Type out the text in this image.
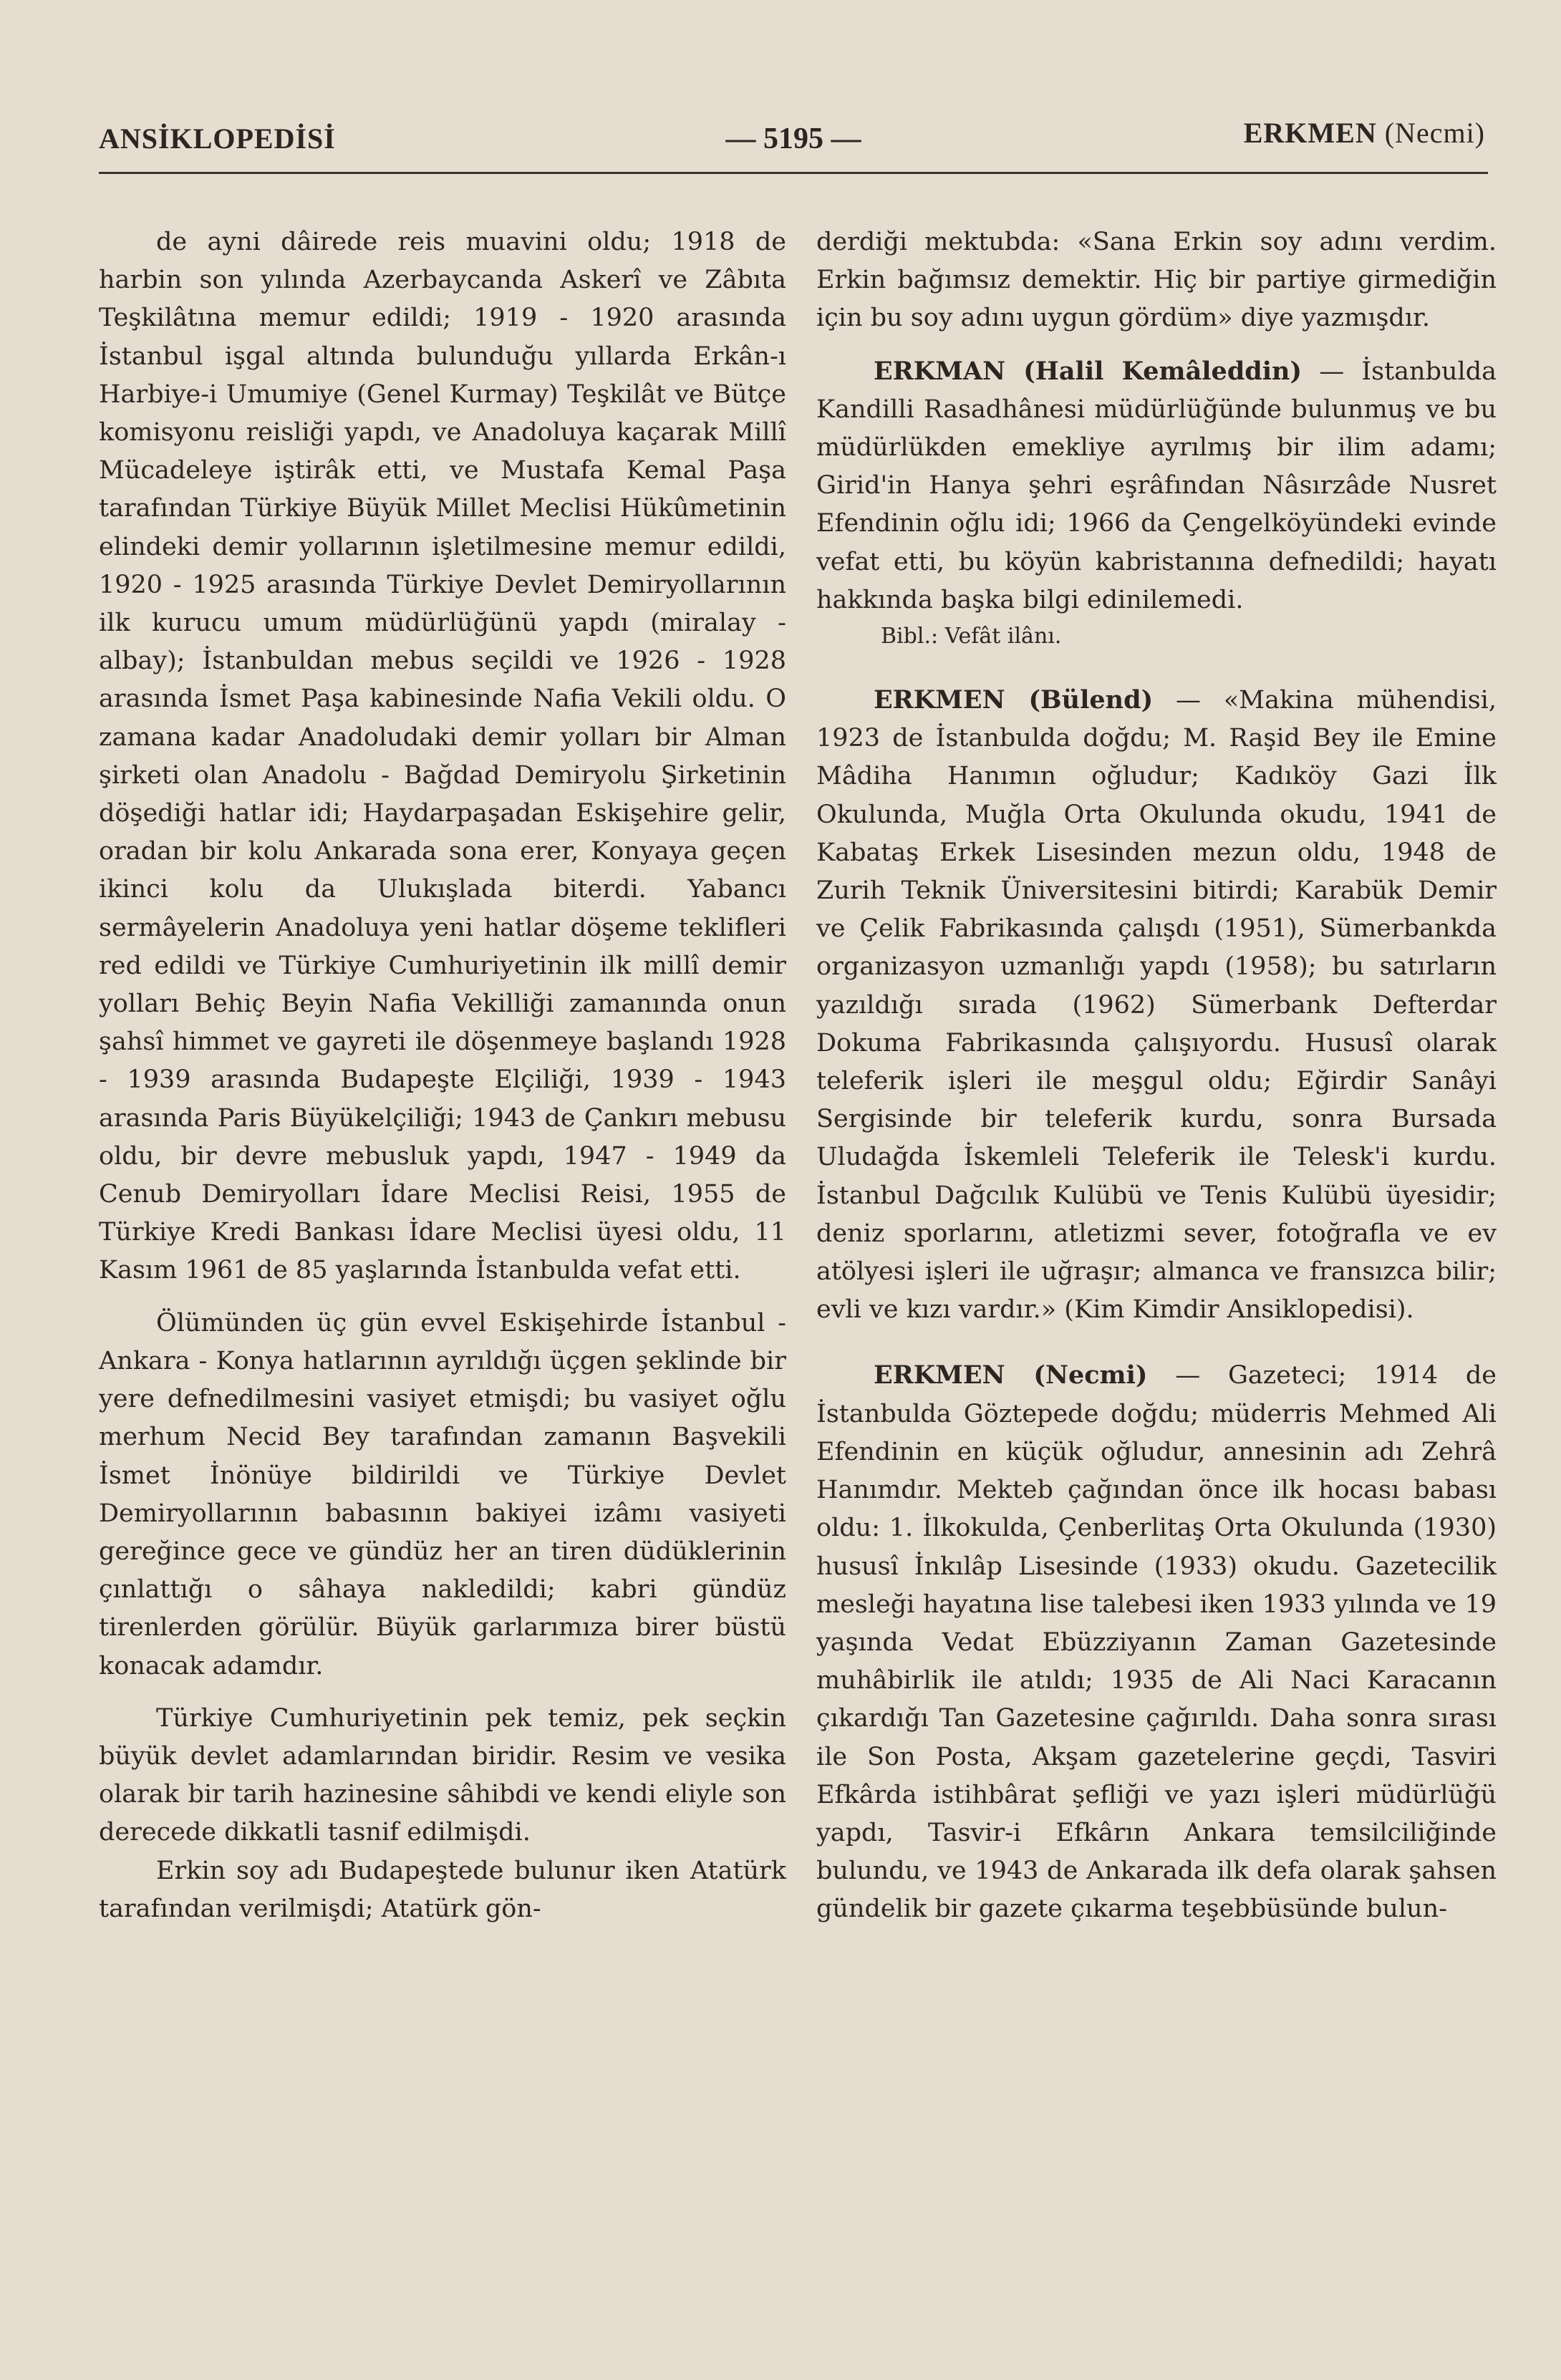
ANSİKLOPEDİSİ	— 5195 —	ERKMEN (Necmi)

de ayni dâirede reis muavini oldu; 1918 de harbin son yılında Azerbaycanda Askerî ve Zâbıta Teşkilâtına memur edildi; 1919 - 1920 arasında İstanbul işgal altında bulunduğu yıllarda Erkân-ı Harbiye-i Umumiye (Genel Kurmay) Teşkilât ve Bütçe komisyonu reisliği yapdı, ve Anadoluya kaçarak Millî Mücadeleye iştirâk etti, ve Mustafa Kemal Paşa tarafından Türkiye Büyük Millet Meclisi Hükûmetinin elindeki demir yollarının işletilmesine memur edildi, 1920 - 1925 arasında Türkiye Devlet Demiryollarının ilk kurucu umum müdürlüğünü yapdı (miralay - albay); İstanbuldan mebus seçildi ve 1926 - 1928 arasında İsmet Paşa kabinesinde Nafia Vekili oldu. O zamana kadar Anadoludaki demir yolları bir Alman şirketi olan Anadolu - Bağdad Demiryolu Şirketinin döşediği hatlar idi; Haydarpaşadan Eskişehire gelir, oradan bir kolu Ankarada sona erer, Konyaya geçen ikinci kolu da Ulukışlada biterdi. Yabancı sermâyelerin Anadoluya yeni hatlar döşeme teklifleri red edildi ve Türkiye Cumhuriyetinin ilk millî demir yolları Behiç Beyin Nafia Vekilliği zamanında onun şahsî himmet ve gayreti ile döşenmeye başlandı 1928 - 1939 arasında Budapeşte Elçiliği, 1939 - 1943 arasında Paris Büyükelçiliği; 1943 de Çankırı mebusu oldu, bir devre mebusluk yapdı, 1947 - 1949 da Cenub Demiryolları İdare Meclisi Reisi, 1955 de Türkiye Kredi Bankası İdare Meclisi üyesi oldu, 11 Kasım 1961 de 85 yaşlarında İstanbulda vefat etti.

Ölümünden üç gün evvel Eskişehirde İstanbul - Ankara - Konya hatlarının ayrıldığı üçgen şeklinde bir yere defnedilmesini vasiyet etmişdi; bu vasiyet oğlu merhum Necid Bey tarafından zamanın Başvekili İsmet İnönüye bildirildi ve Türkiye Devlet Demiryollarının babasının bakiyei izâmı vasiyeti gereğince gece ve gündüz her an tiren düdüklerinin çınlattığı o sâhaya nakledildi; kabri gündüz tirenlerden görülür. Büyük garlarımıza birer büstü konacak adamdır.

Türkiye Cumhuriyetinin pek temiz, pek seçkin büyük devlet adamlarından biridir. Resim ve vesika olarak bir tarih hazinesine sâhibdi ve kendi eliyle son derecede dikkatli tasnif edilmişdi.

Erkin soy adı Budapeştede bulunur iken Atatürk tarafından verilmişdi; Atatürk gön-

derdiği mektubda: «Sana Erkin soy adını verdim. Erkin bağımsız demektir. Hiç bir partiye girmediğin için bu soy adını uygun gördüm» diye yazmışdır.

ERKMAN (Halil Kemâleddin) — İstanbulda Kandilli Rasadhânesi müdürlüğünde bulunmuş ve bu müdürlükden emekliye ayrılmış bir ilim adamı; Girid'in Hanya şehri eşrâfından Nâsırzâde Nusret Efendinin oğlu idi; 1966 da Çengelköyündeki evinde vefat etti, bu köyün kabristanına defnedildi; hayatı hakkında başka bilgi edinilemedi.

Bibl.: Vefât ilânı.

ERKMEN (Bülend) — «Makina mühendisi, 1923 de İstanbulda doğdu; M. Raşid Bey ile Emine Mâdiha Hanımın oğludur; Kadıköy Gazi İlk Okulunda, Muğla Orta Okulunda okudu, 1941 de Kabataş Erkek Lisesinden mezun oldu, 1948 de Zurih Teknik Üniversitesini bitirdi; Karabük Demir ve Çelik Fabrikasında çalışdı (1951), Sümerbankda organizasyon uzmanlığı yapdı (1958); bu satırların yazıldığı sırada (1962) Sümerbank Defterdar Dokuma Fabrikasında çalışıyordu. Hususî olarak teleferik işleri ile meşgul oldu; Eğirdir Sanâyi Sergisinde bir teleferik kurdu, sonra Bursada Uludağda İskemleli Teleferik ile Telesk'i kurdu. İstanbul Dağcılık Kulübü ve Tenis Kulübü üyesidir; deniz sporlarını, atletizmi sever, fotoğrafla ve ev atölyesi işleri ile uğraşır; almanca ve fransızca bilir; evli ve kızı vardır.» (Kim Kimdir Ansiklopedisi).

ERKMEN (Necmi) — Gazeteci; 1914 de İstanbulda Göztepede doğdu; müderris Mehmed Ali Efendinin en küçük oğludur, annesinin adı Zehrâ Hanımdır. Mekteb çağından önce ilk hocası babası oldu: 1. İlkokulda, Çenberlitaş Orta Okulunda (1930) hususî İnkılâp Lisesinde (1933) okudu. Gazetecilik mesleği hayatına lise talebesi iken 1933 yılında ve 19 yaşında Vedat Ebüzziyanın Zaman Gazetesinde muhâbirlik ile atıldı; 1935 de Ali Naci Karacanın çıkardığı Tan Gazetesine çağırıldı. Daha sonra sırası ile Son Posta, Akşam gazetelerine geçdi, Tasviri Efkârda istihbârat şefliği ve yazı işleri müdürlüğü yapdı, Tasvir-i Efkârın Ankara temsilciliğinde bulundu, ve 1943 de Ankarada ilk defa olarak şahsen gündelik bir gazete çıkarma teşebbüsünde bulun-
